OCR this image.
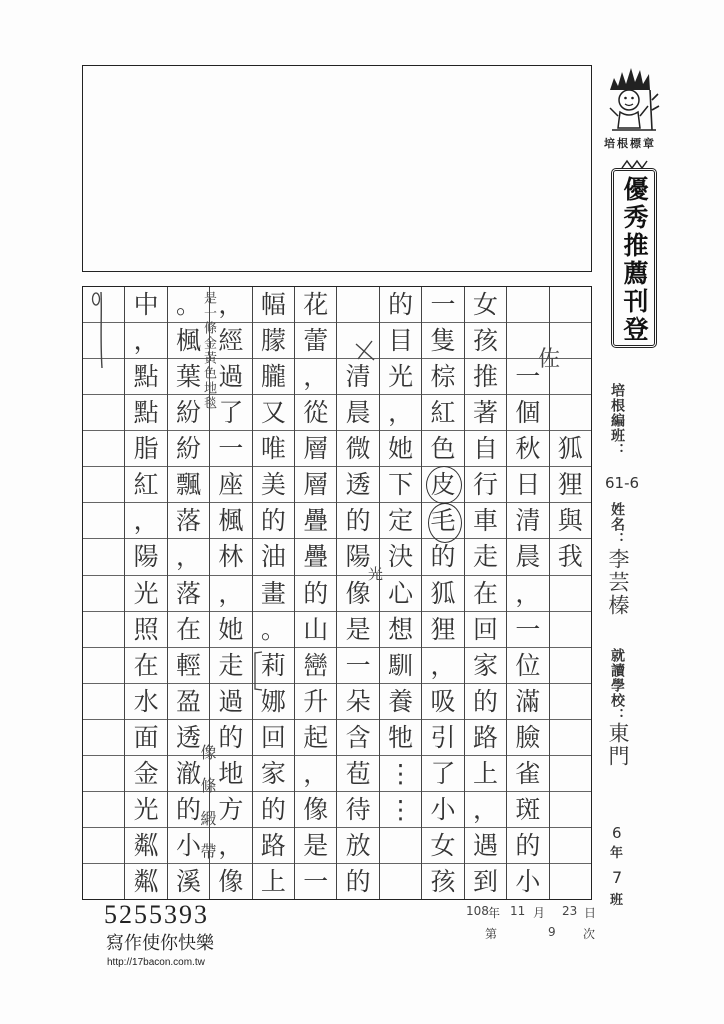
狐
狸
與
我

一
個
秋
日
清
晨
，
一
位
滿
臉
雀
斑
的
小
女
孩
推
著
自
行
車
走
在
回
家
的
路
上
，
遇
到
一
隻
棕
紅
色
皮
毛
的
狐
狸
，
吸
引
了
小
女
孩
的
目
光
，
她
下
定
決
心
想
馴
養
牠
⋮
⋮

清
晨
微
透
的
陽
像
是
一
朵
含
苞
待
放
的
花
蕾
，
從
層
層
疊
疊
的
山
巒
升
起
，
像
是
一
幅
朦
朧
又
唯
美
的
油
畫
。
莉
娜
回
家
的
路
上
，
經
過
了
一
座
楓
林
，
她
走
過
的
地
方
，
像
。
楓
葉
紛
紛
飄
落
，
落
在
輕
盈
透
澈
的
小
溪
中
，
點
點
脂
紅
，
陽
光
照
在
水
面
金
光
粼
粼
佐
光
是一條金黃色地毯
像條緞帶
培根標章
優秀推薦刊登
培根編班：
61-6
姓名：
李芸榛
就讀學校：
東門
6
年
7
班
108 年 11 月 23 日
第	9 次
5255393
寫作使你快樂
http://17bacon.com.tw
